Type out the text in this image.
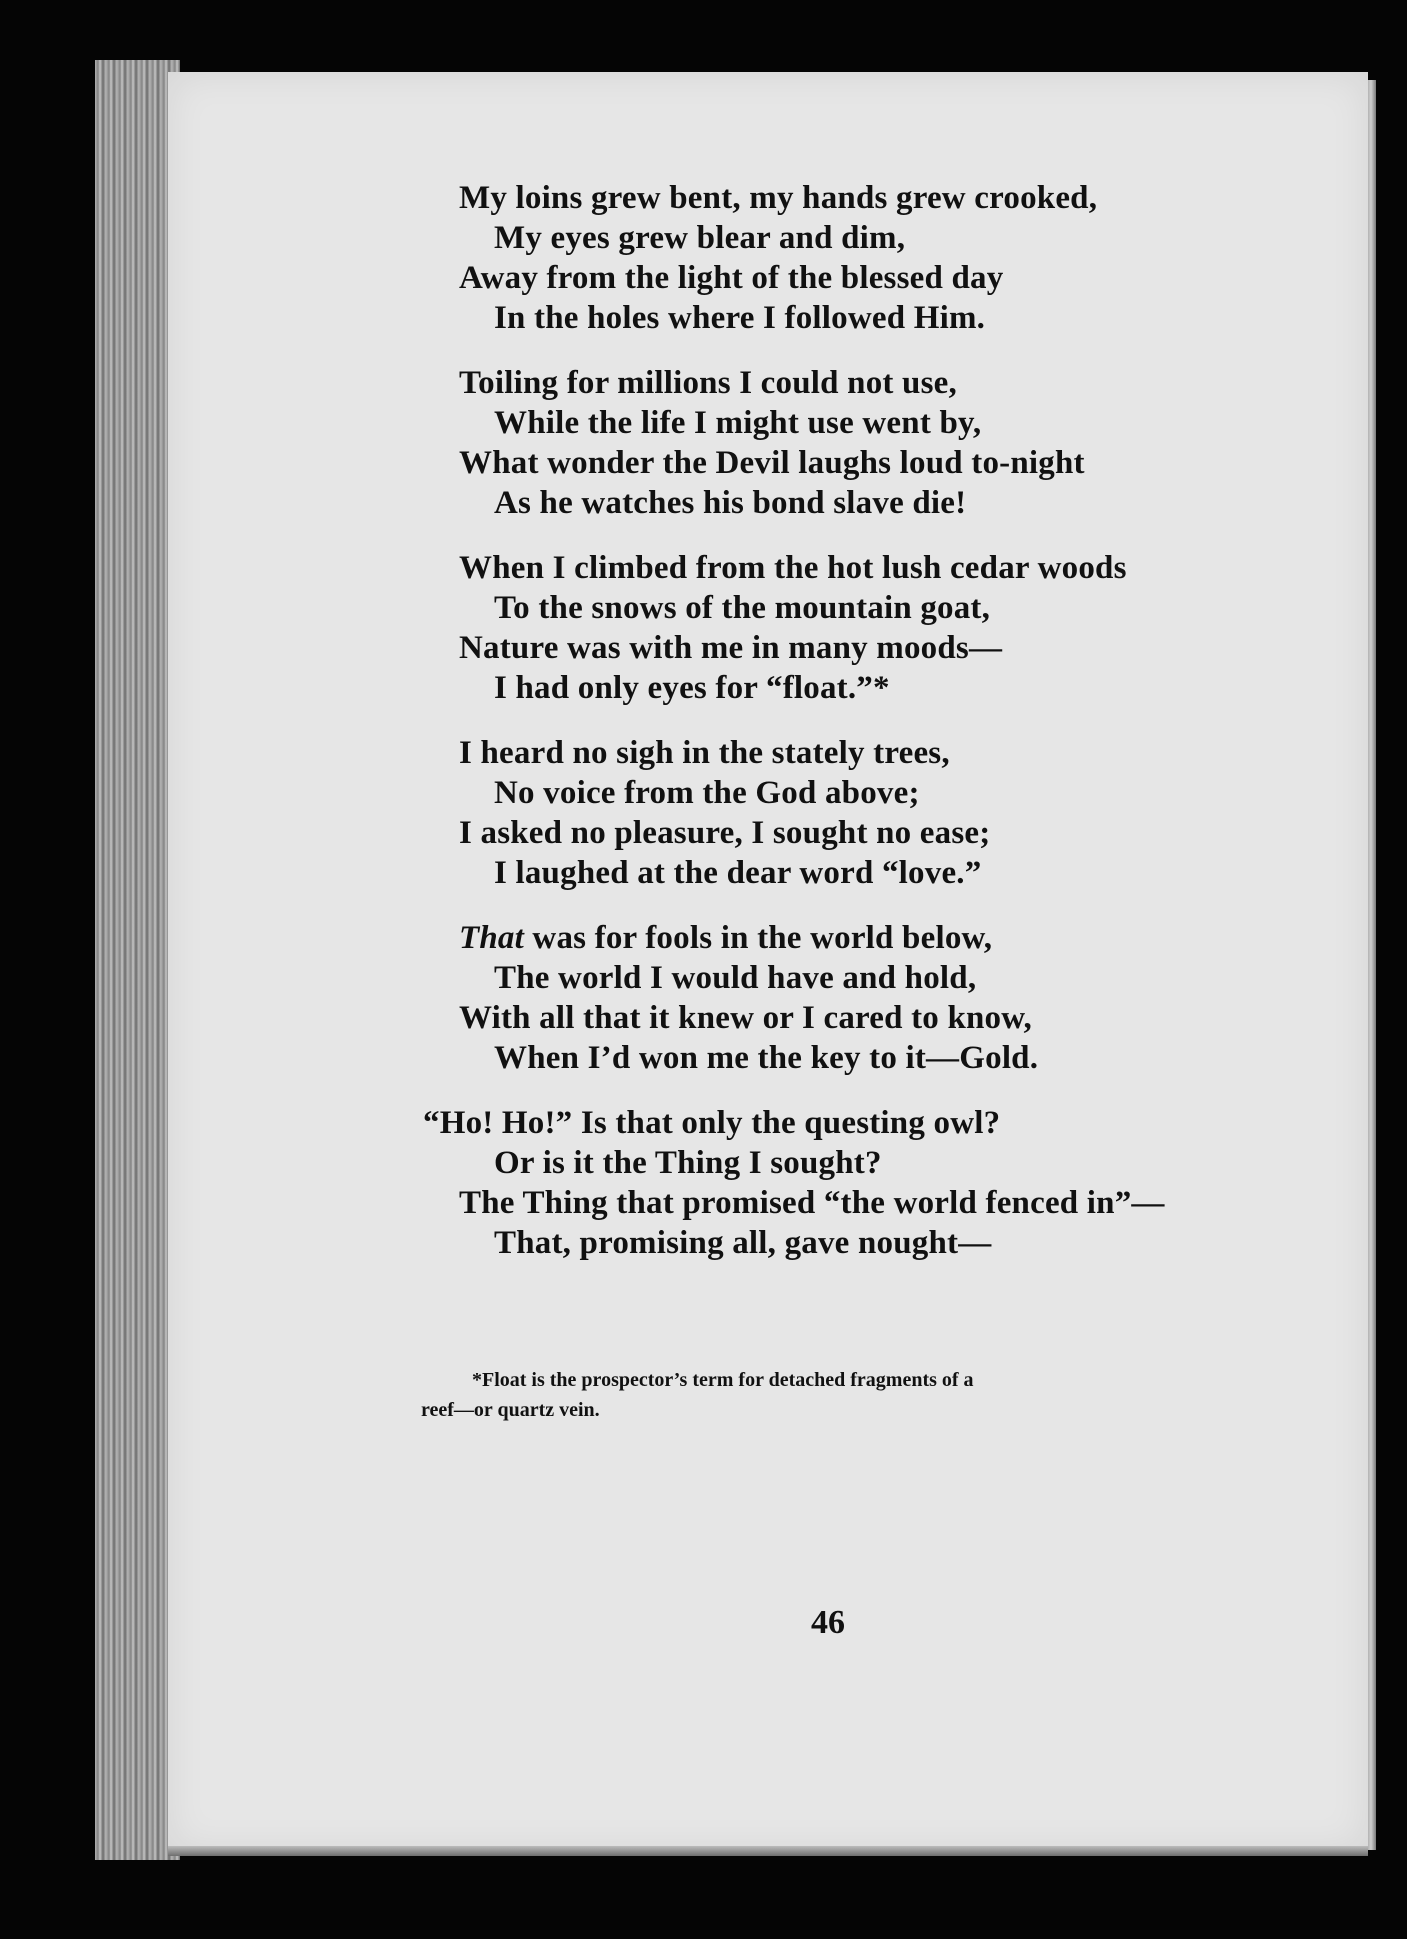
My loins grew bent, my hands grew crooked,
My eyes grew blear and dim,
Away from the light of the blessed day
In the holes where I followed Him.
Toiling for millions I could not use,
While the life I might use went by,
What wonder the Devil laughs loud to-night
As he watches his bond slave die!
When I climbed from the hot lush cedar woods
To the snows of the mountain goat,
Nature was with me in many moods—
I had only eyes for “float.”*
I heard no sigh in the stately trees,
No voice from the God above;
I asked no pleasure, I sought no ease;
I laughed at the dear word “love.”
That was for fools in the world below,
The world I would have and hold,
With all that it knew or I cared to know,
When I’d won me the key to it—Gold.
“Ho! Ho!” Is that only the questing owl?
Or is it the Thing I sought?
The Thing that promised “the world fenced in”—
That, promising all, gave nought—
*Float is the prospector’s term for detached fragments of a
reef—or quartz vein.
46
